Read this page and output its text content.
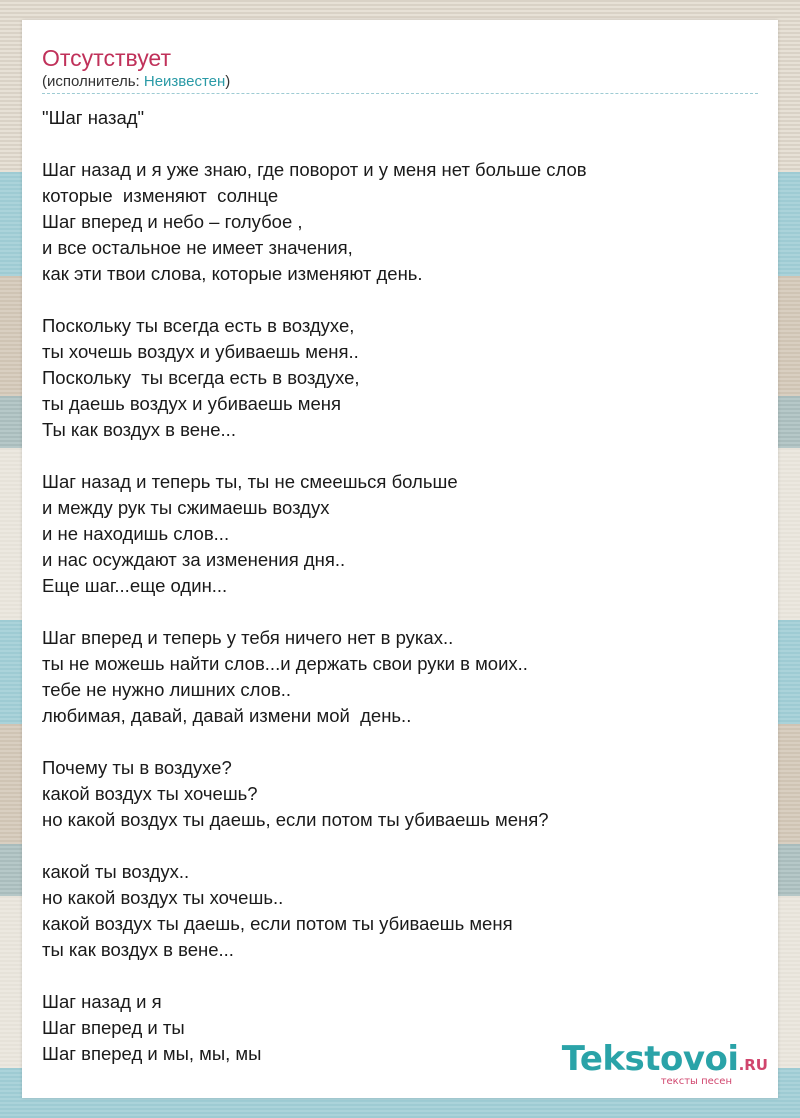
Отсутствует
(исполнитель: Неизвестен)
"Шаг назад"
Шаг назад и я уже знаю, где поворот и у меня нет больше слов
которые  изменяют  солнце
Шаг вперед и небо – голубое ,
и все остальное не имеет значения,
как эти твои слова, которые изменяют день.
Поскольку ты всегда есть в воздухе,
ты хочешь воздух и убиваешь меня..
Поскольку  ты всегда есть в воздухе,
ты даешь воздух и убиваешь меня
Ты как воздух в вене...
Шаг назад и теперь ты, ты не смеешься больше
и между рук ты сжимаешь воздух
и не находишь слов...
и нас осуждают за изменения дня..
Еще шаг...еще один...
Шаг вперед и теперь у тебя ничего нет в руках..
ты не можешь найти слов...и держать свои руки в моих..
тебе не нужно лишних слов..
любимая, давай, давай измени мой  день..
Почему ты в воздухе?
какой воздух ты хочешь?
но какой воздух ты даешь, если потом ты убиваешь меня?
какой ты воздух..
но какой воздух ты хочешь..
какой воздух ты даешь, если потом ты убиваешь меня
ты как воздух в вене...
Шаг назад и я
Шаг вперед и ты
Шаг вперед и мы, мы, мы	Tekstovoi.RU
тексты песен
